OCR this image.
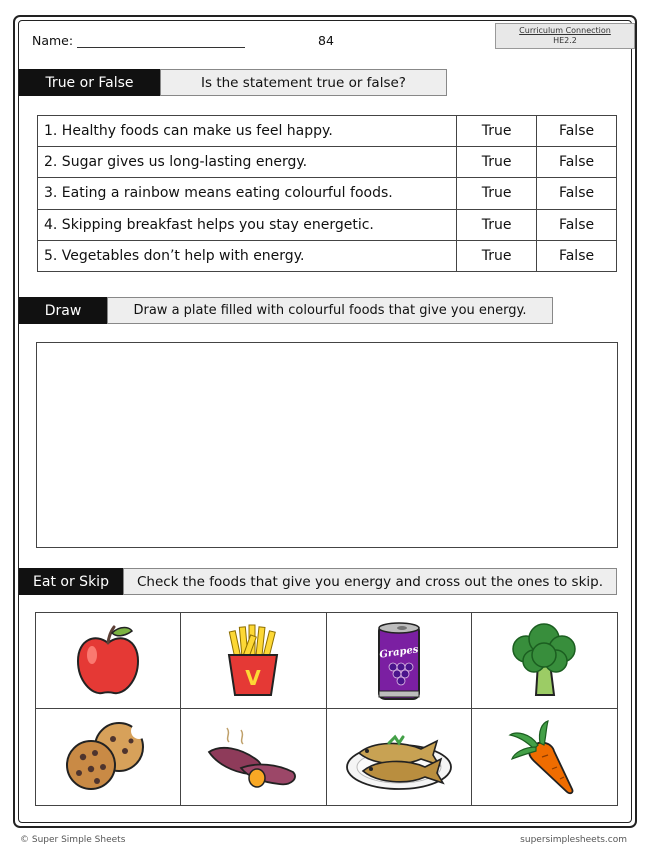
Name:	84
Curriculum Connection
HE2.2
True or False	Is the statement true or false?
1. Healthy foods can make us feel happy.	True	False
2. Sugar gives us long-lasting energy.	True	False
3. Eating a rainbow means eating colourful foods.	True	False
4. Skipping breakfast helps you stay energetic.	True	False
5. Vegetables don’t help with energy.	True	False
Draw	Draw a plate filled with colourful foods that give you energy.
Eat or Skip	Check the foods that give you energy and cross out the ones to skip.
V
Grapes
© Super Simple Sheets	supersimplesheets.com
